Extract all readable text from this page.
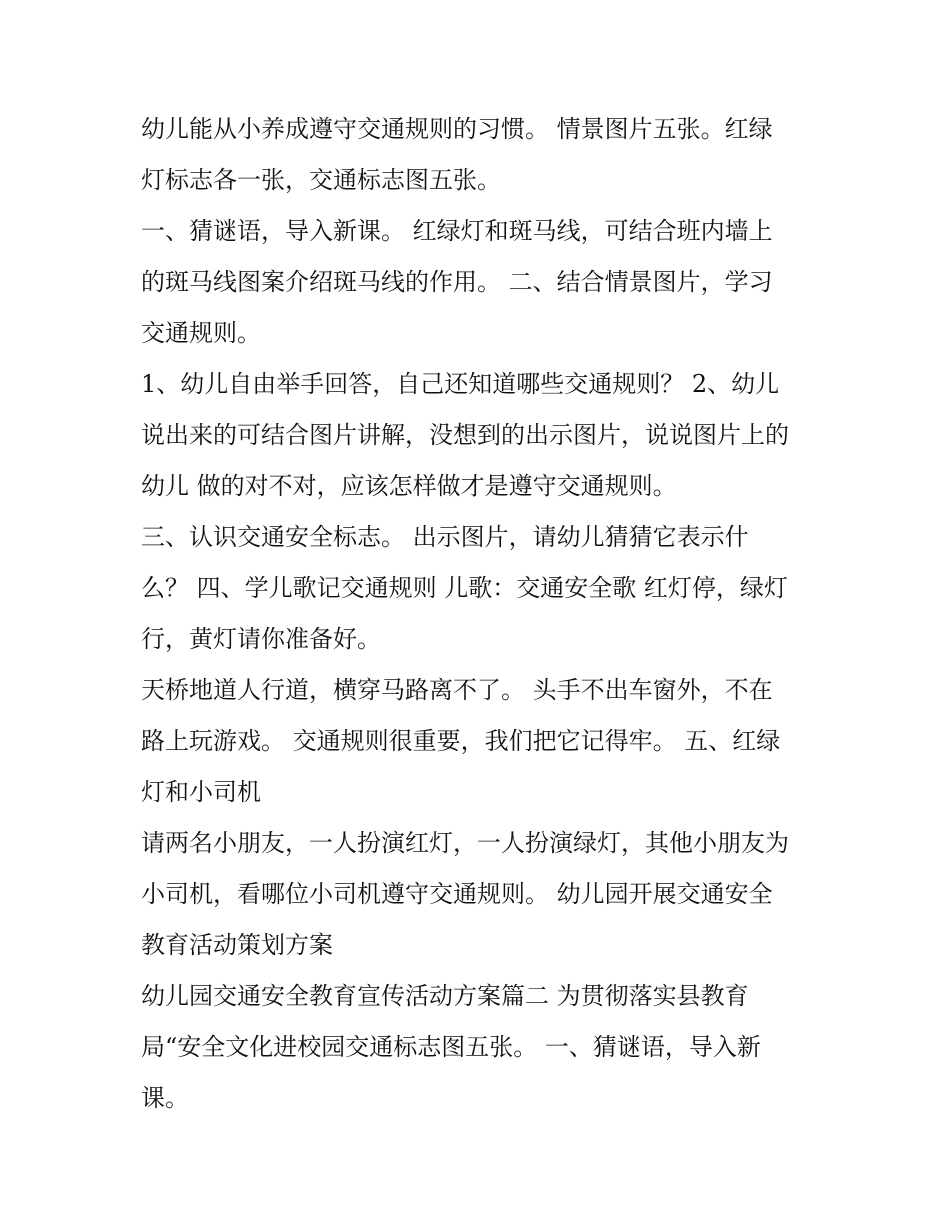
幼儿能从小养成遵守交通规则的习惯。 情景图片五张。红绿
灯标志各一张，交通标志图五张。
一、猜谜语，导入新课。 红绿灯和斑马线，可结合班内墙上
的斑马线图案介绍斑马线的作用。 二、结合情景图片，学习
交通规则。
1、幼儿自由举手回答，自己还知道哪些交通规则？ 2、幼儿
说出来的可结合图片讲解，没想到的出示图片，说说图片上的
幼儿 做的对不对，应该怎样做才是遵守交通规则。
三、认识交通安全标志。 出示图片，请幼儿猜猜它表示什
么？ 四、学儿歌记交通规则 儿歌：交通安全歌 红灯停，绿灯
行，黄灯请你准备好。
天桥地道人行道，横穿马路离不了。 头手不出车窗外，不在
路上玩游戏。 交通规则很重要，我们把它记得牢。 五、红绿
灯和小司机
请两名小朋友，一人扮演红灯，一人扮演绿灯，其他小朋友为
小司机，看哪位小司机遵守交通规则。 幼儿园开展交通安全
教育活动策划方案
幼儿园交通安全教育宣传活动方案篇二 为贯彻落实县教育
局“安全文化进校园交通标志图五张。 一、猜谜语，导入新
课。
